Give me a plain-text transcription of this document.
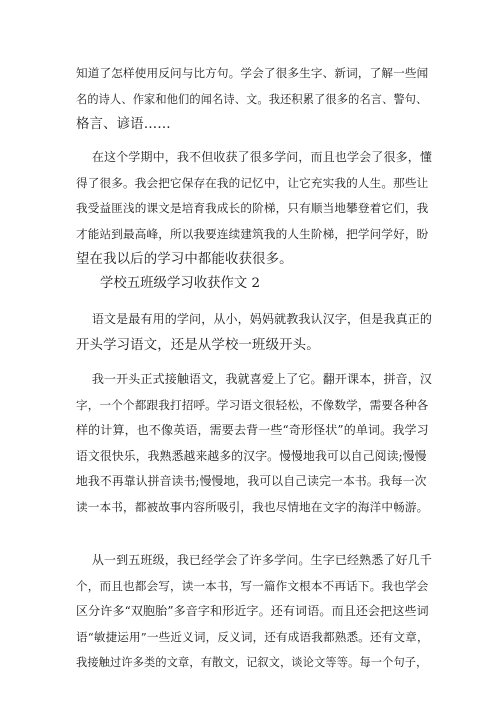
知道了怎样使用反问与比方句。学会了很多生字、新词，了解一些闻
名的诗人、作家和他们的闻名诗、文。我还积累了很多的名言、警句、
格言、谚语……
在这个学期中，我不但收获了很多学问，而且也学会了很多，懂
得了很多。我会把它保存在我的记忆中，让它充实我的人生。那些让
我受益匪浅的课文是培育我成长的阶梯，只有顺当地攀登着它们，我
才能站到最高峰，所以我要连续建筑我的人生阶梯，把学问学好，盼
望在我以后的学习中都能收获很多。
学校五班级学习收获作文 2
语文是最有用的学问，从小，妈妈就教我认汉字，但是我真正的
开头学习语文，还是从学校一班级开头。
我一开头正式接触语文，我就喜爱上了它。翻开课本，拼音，汉
字，一个个都跟我打招呼。学习语文很轻松，不像数学，需要各种各
样的计算，也不像英语，需要去背一些“奇形怪状”的单词。我学习
语文很快乐，我熟悉越来越多的汉字。慢慢地我可以自己阅读;慢慢
地我不再靠认拼音读书;慢慢地，我可以自己读完一本书。我每一次
读一本书，都被故事内容所吸引，我也尽情地在文字的海洋中畅游。
从一到五班级，我已经学会了许多学问。生字已经熟悉了好几千
个，而且也都会写，读一本书，写一篇作文根本不再话下。我也学会
区分许多“双胞胎”多音字和形近字。还有词语。而且还会把这些词
语“敏捷运用”一些近义词，反义词，还有成语我都熟悉。还有文章，
我接触过许多类的文章，有散文，记叙文，谈论文等等。每一个句子，
